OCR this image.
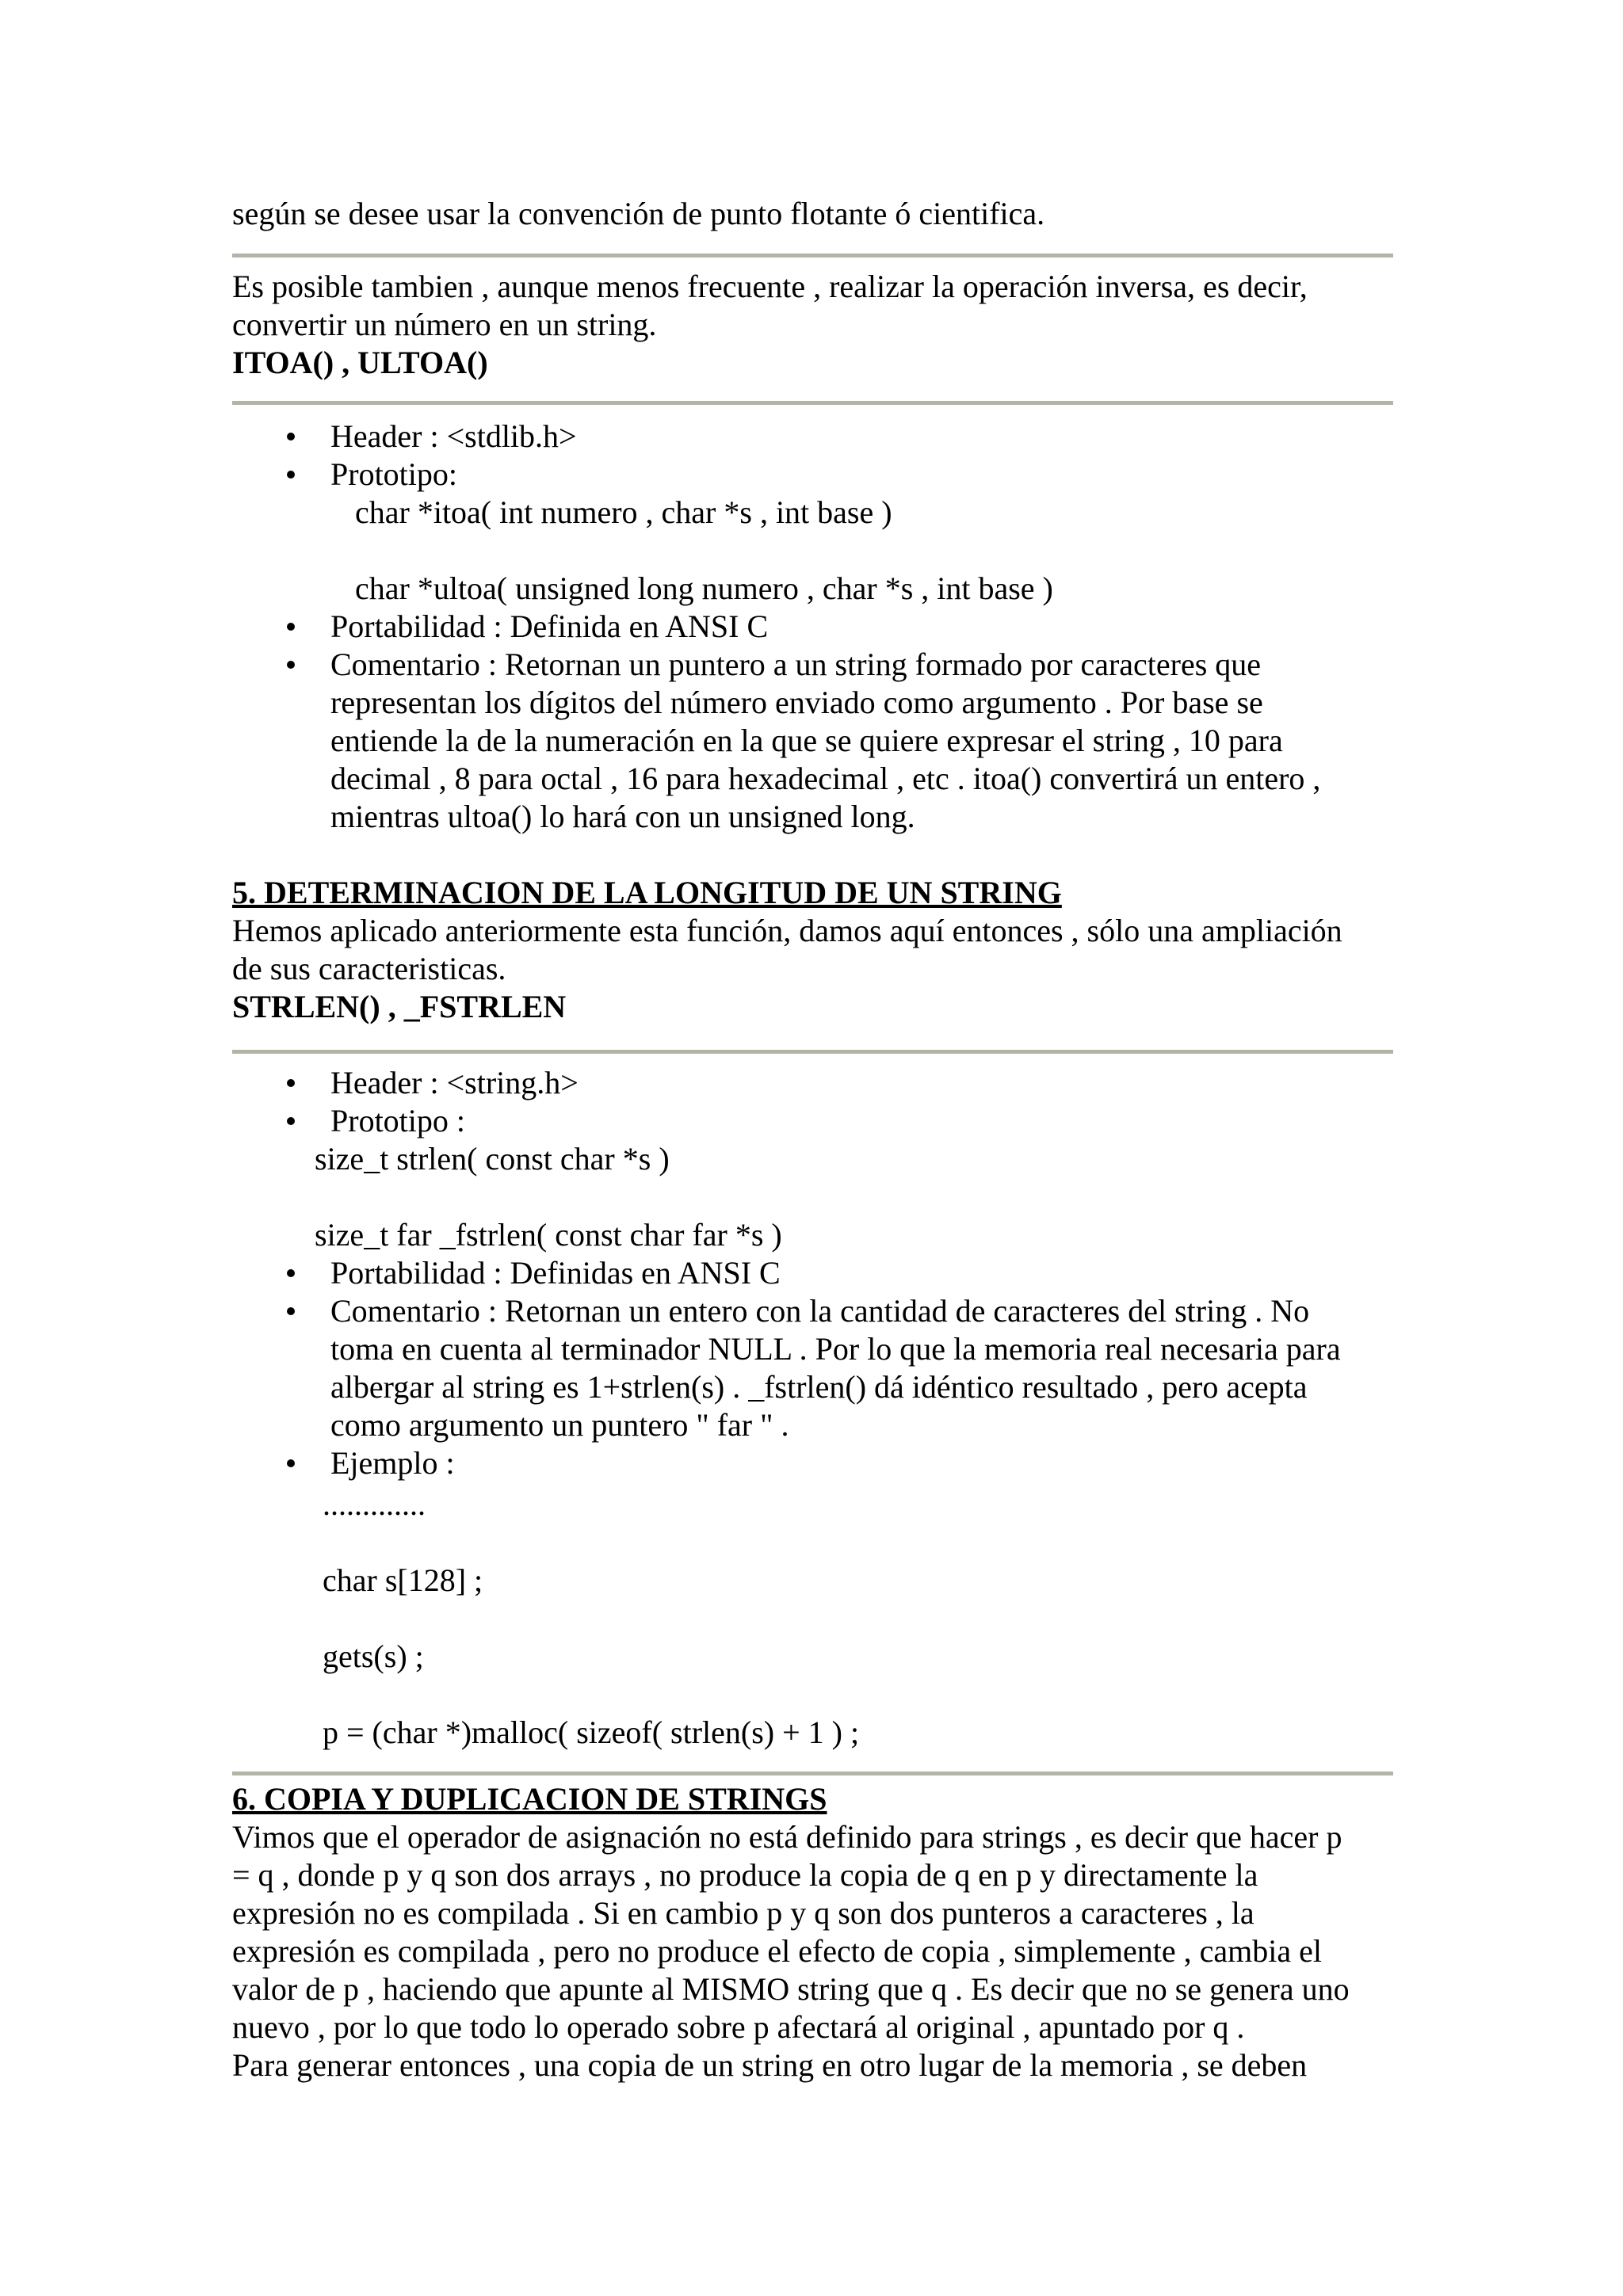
según se desee usar la convención de punto flotante ó cientifica.

Es posible tambien , aunque menos frecuente , realizar la operación inversa, es decir,

convertir un número en un string.

ITOA() , ULTOA()

Header : <stdlib.h>
Prototipo:
char *itoa( int numero , char *s , int base )
char *ultoa( unsigned long numero , char *s , int base )
Portabilidad : Definida en ANSI C
Comentario : Retornan un puntero a un string formado por caracteres que
representan los dígitos del número enviado como argumento . Por base se
entiende la de la numeración en la que se quiere expresar el string , 10 para
decimal , 8 para octal , 16 para hexadecimal , etc . itoa() convertirá un entero ,
mientras ultoa() lo hará con un unsigned long.

5. DETERMINACION DE LA LONGITUD DE UN STRING

Hemos aplicado anteriormente esta función, damos aquí entonces , sólo una ampliación

de sus caracteristicas.

STRLEN() , _FSTRLEN

Header : <string.h>
Prototipo :
size_t strlen( const char *s )
size_t far _fstrlen( const char far *s )
Portabilidad : Definidas en ANSI C
Comentario : Retornan un entero con la cantidad de caracteres del string . No
toma en cuenta al terminador NULL . Por lo que la memoria real necesaria para
albergar al string es 1+strlen(s) . _fstrlen() dá idéntico resultado , pero acepta
como argumento un puntero " far " .
Ejemplo :
.............
char s[128] ;
gets(s) ;
p = (char *)malloc( sizeof( strlen(s) + 1 ) ;

6. COPIA Y DUPLICACION DE STRINGS

Vimos que el operador de asignación no está definido para strings , es decir que hacer p

= q , donde p y q son dos arrays , no produce la copia de q en p y directamente la

expresión no es compilada . Si en cambio p y q son dos punteros a caracteres , la

expresión es compilada , pero no produce el efecto de copia , simplemente , cambia el

valor de p , haciendo que apunte al MISMO string que q . Es decir que no se genera uno

nuevo , por lo que todo lo operado sobre p afectará al original , apuntado por q .

Para generar entonces , una copia de un string en otro lugar de la memoria , se deben
